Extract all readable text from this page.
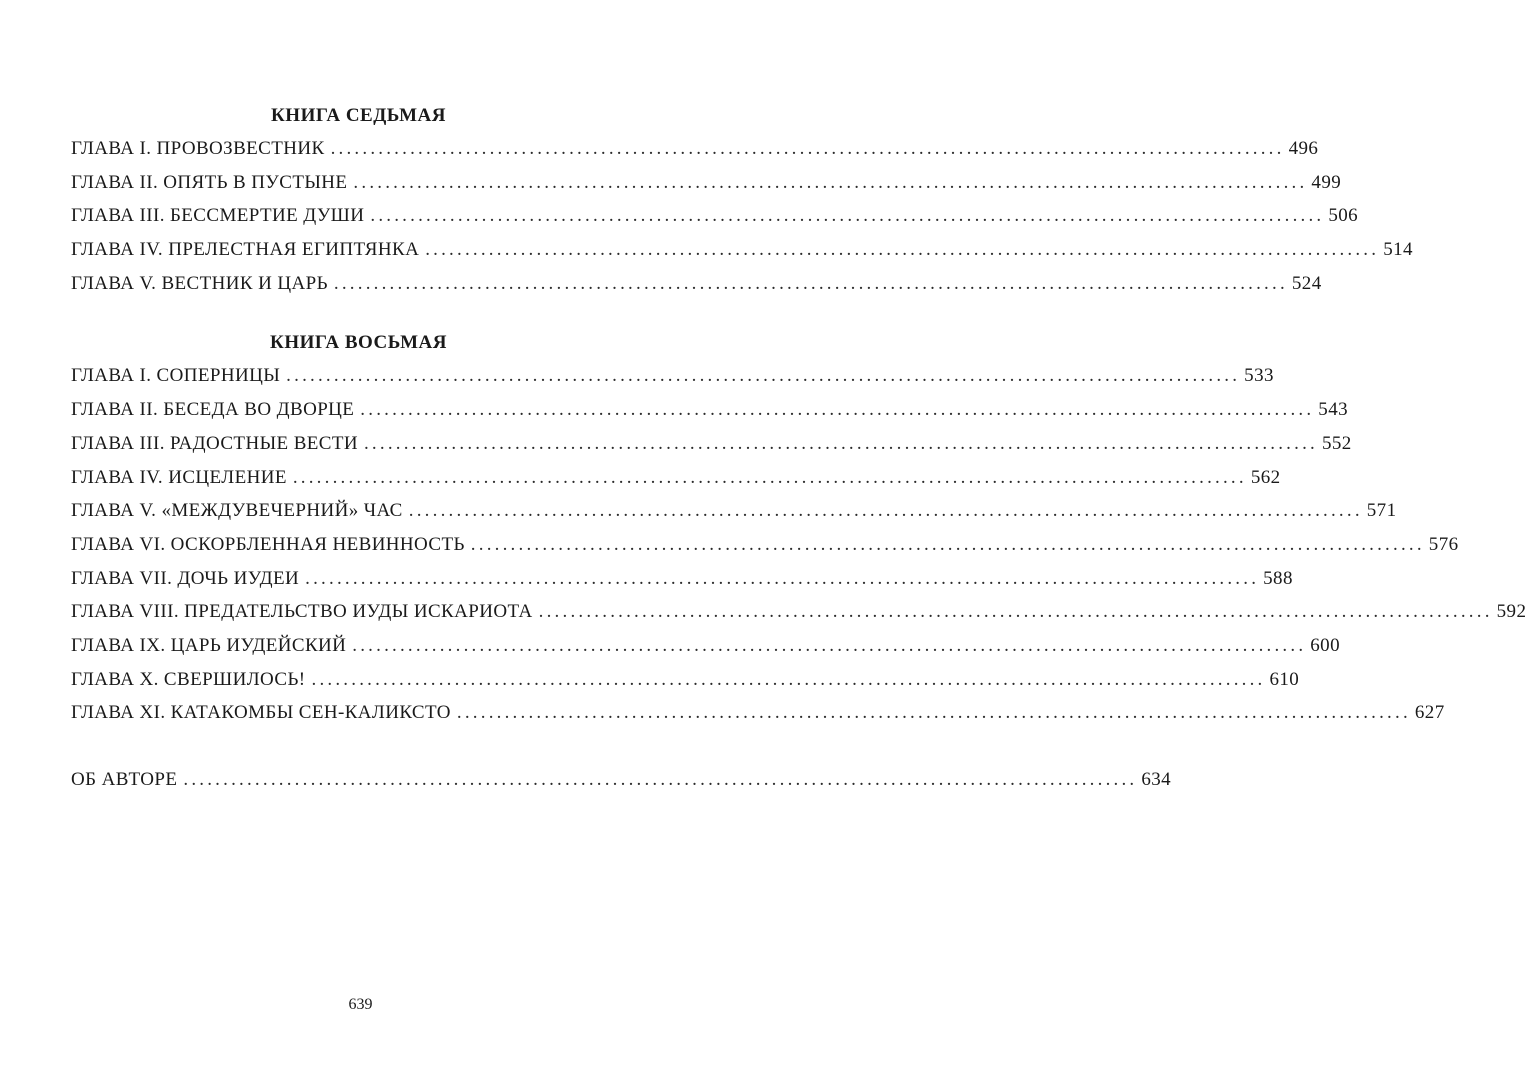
КНИГА СЕДЬМАЯ
ГЛАВА I. ПРОВОЗВЕСТНИК ........................................................................................................................ 496
ГЛАВА II. ОПЯТЬ В ПУСТЫНЕ ........................................................................................................................ 499
ГЛАВА III. БЕССМЕРТИЕ ДУШИ ........................................................................................................................ 506
ГЛАВА IV. ПРЕЛЕСТНАЯ ЕГИПТЯНКА ........................................................................................................................ 514
ГЛАВА V. ВЕСТНИК И ЦАРЬ ........................................................................................................................ 524
КНИГА ВОСЬМАЯ
ГЛАВА I. СОПЕРНИЦЫ ........................................................................................................................ 533
ГЛАВА II. БЕСЕДА ВО ДВОРЦЕ ........................................................................................................................ 543
ГЛАВА III. РАДОСТНЫЕ ВЕСТИ ........................................................................................................................ 552
ГЛАВА IV. ИСЦЕЛЕНИЕ ........................................................................................................................ 562
ГЛАВА V. «МЕЖДУВЕЧЕРНИЙ» ЧАС ........................................................................................................................ 571
ГЛАВА VI. ОСКОРБЛЕННАЯ НЕВИННОСТЬ ........................................................................................................................ 576
ГЛАВА VII. ДОЧЬ ИУДЕИ ........................................................................................................................ 588
ГЛАВА VIII. ПРЕДАТЕЛЬСТВО ИУДЫ ИСКАРИОТА ........................................................................................................................ 592
ГЛАВА IX. ЦАРЬ ИУДЕЙСКИЙ ........................................................................................................................ 600
ГЛАВА X. СВЕРШИЛОСЬ! ........................................................................................................................ 610
ГЛАВА XI. КАТАКОМБЫ СЕН-КАЛИКСТО ........................................................................................................................ 627
ОБ АВТОРЕ ........................................................................................................................ 634
639
